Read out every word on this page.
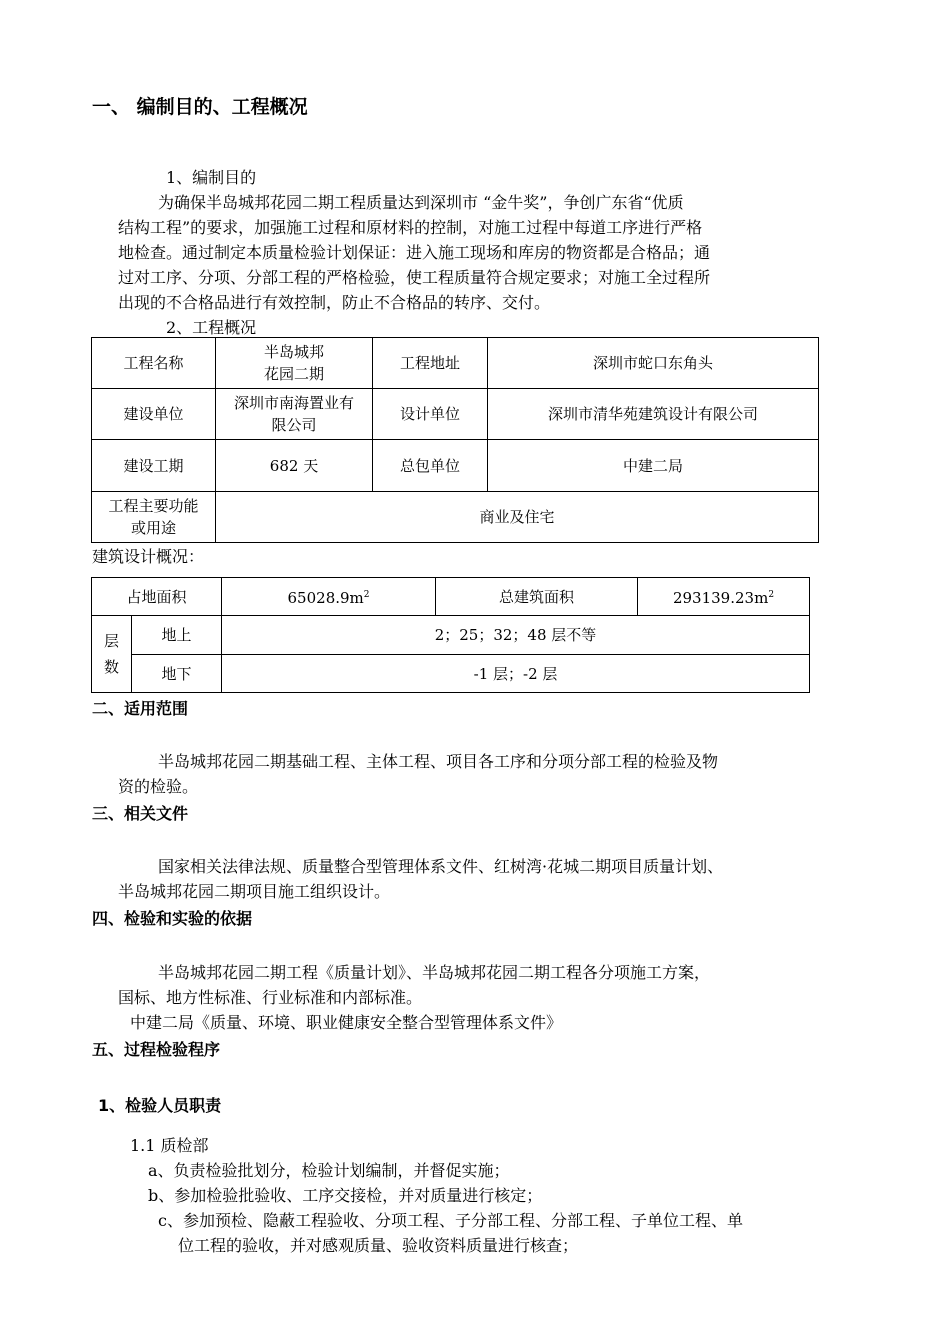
一、 编制目的、工程概况
1、编制目的
为确保半岛城邦花园二期工程质量达到深圳市 “金牛奖”，争创广东省“优质
结构工程”的要求，加强施工过程和原材料的控制，对施工过程中每道工序进行严格
地检查。通过制定本质量检验计划保证：进入施工现场和库房的物资都是合格品；通
过对工序、分项、分部工程的严格检验，使工程质量符合规定要求；对施工全过程所
出现的不合格品进行有效控制，防止不合格品的转序、交付。
2、工程概况
工程名称	半岛城邦
花园二期	工程地址	深圳市蛇口东角头
建设单位	深圳市南海置业有
限公司	设计单位	深圳市清华苑建筑设计有限公司
建设工期	682 天	总包单位	中建二局

工程主要功能
或用途	商业及住宅		
建筑设计概况：
占地面积		$65028.9m^2$	总建筑面积	$293139.23m^2$

层
数	地上	2；25；32；48 层不等		
	地下	-1 层；-2 层		
二、适用范围
半岛城邦花园二期基础工程、主体工程、项目各工序和分项分部工程的检验及物
资的检验。
三、相关文件
国家相关法律法规、质量整合型管理体系文件、红树湾·花城二期项目质量计划、
半岛城邦花园二期项目施工组织设计。
四、检验和实验的依据
半岛城邦花园二期工程《质量计划》、半岛城邦花园二期工程各分项施工方案，
国标、地方性标准、行业标准和内部标准。
中建二局《质量、环境、职业健康安全整合型管理体系文件》
五、过程检验程序
1、检验人员职责
1.1 质检部
a、负责检验批划分，检验计划编制，并督促实施；
b、参加检验批验收、工序交接检，并对质量进行核定；
c、参加预检、隐蔽工程验收、分项工程、子分部工程、分部工程、子单位工程、单
位工程的验收，并对感观质量、验收资料质量进行核查；
